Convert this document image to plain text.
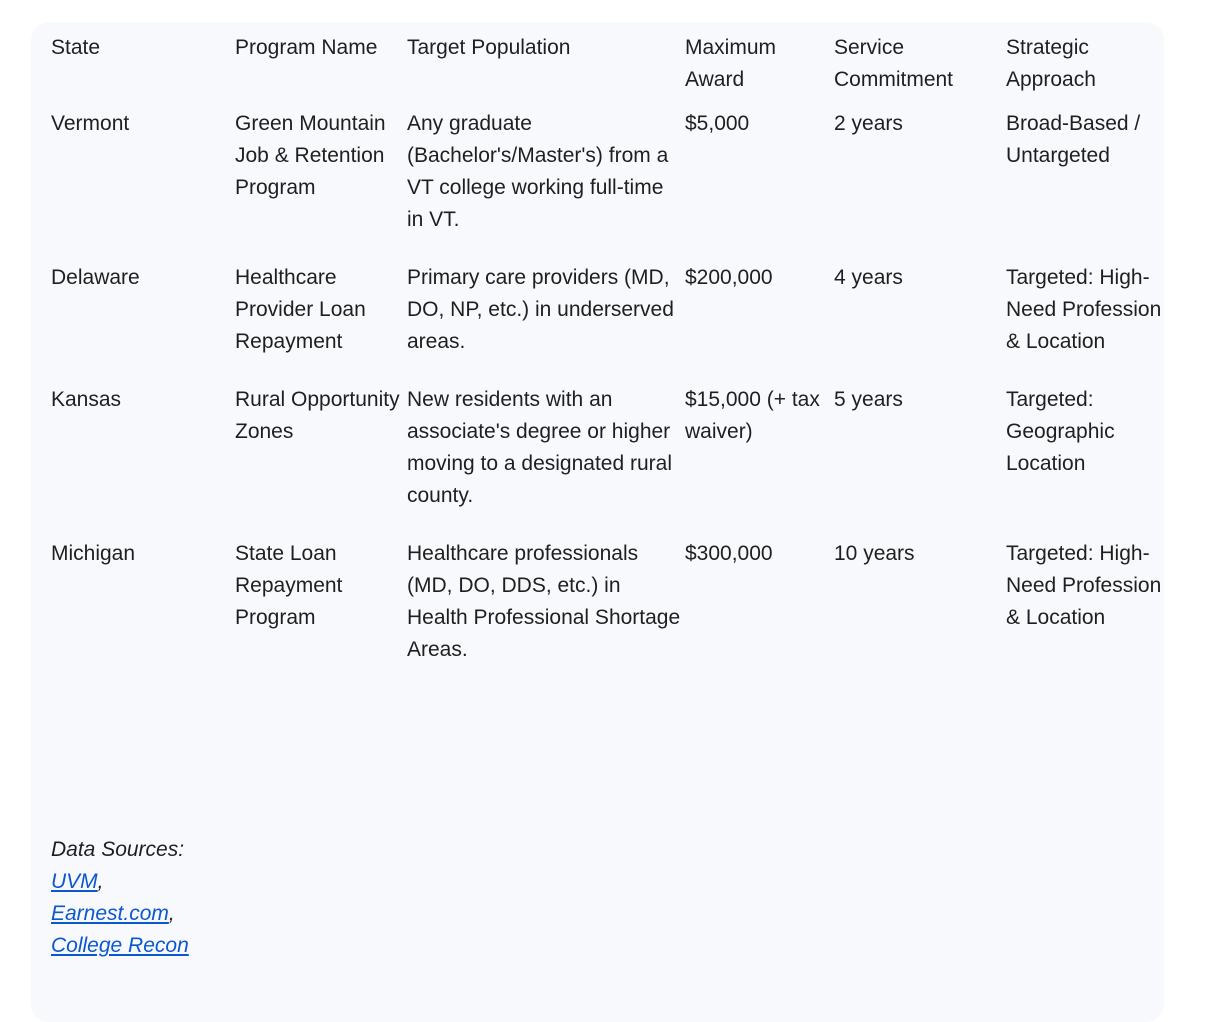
State	Program Name	Target Population	Maximum Award	Service Commitment	Strategic Approach
Vermont	Green Mountain Job & Retention Program	Any graduate (Bachelor's/Master's) from a VT college working full-time in VT.	$5,000	2 years	Broad-Based / Untargeted
Delaware	Healthcare Provider Loan Repayment	Primary care providers (MD, DO, NP, etc.) in underserved areas.	$200,000	4 years	Targeted: High-Need Profession & Location
Kansas	Rural Opportunity Zones	New residents with an associate's degree or higher moving to a designated rural county.	$15,000 (+ tax waiver)	5 years	Targeted: Geographic Location
Michigan	State Loan Repayment Program	Healthcare professionals (MD, DO, DDS, etc.) in Health Professional Shortage Areas.	$300,000	10 years	Targeted: High-Need Profession & Location
Data Sources: UVM, Earnest.com, College Recon
